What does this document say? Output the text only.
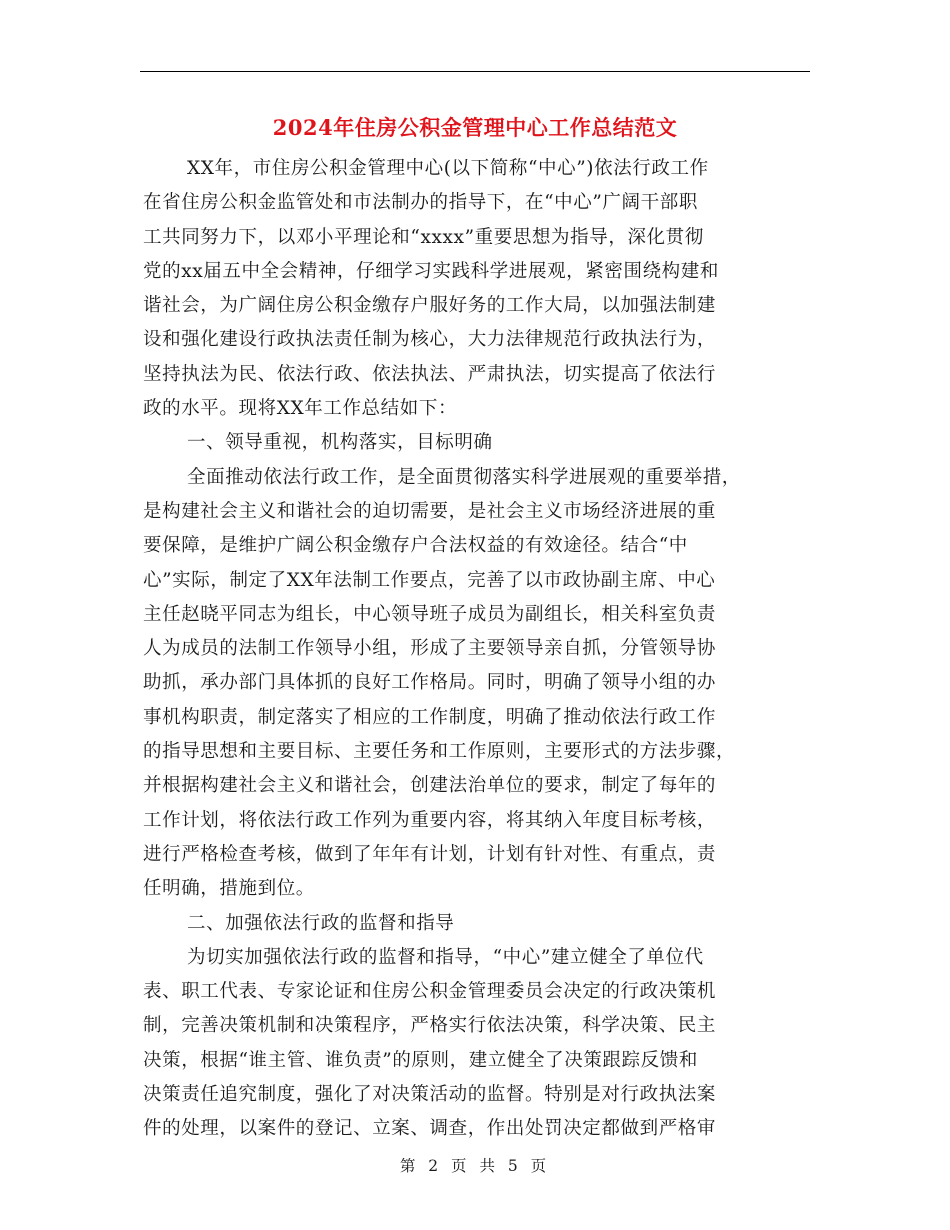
2024年住房公积金管理中心工作总结范文
XX年，市住房公积金管理中心(以下简称“中心”)依法行政工作
在省住房公积金监管处和市法制办的指导下，在“中心”广阔干部职
工共同努力下，以邓小平理论和“xxxx”重要思想为指导，深化贯彻
党的xx届五中全会精神，仔细学习实践科学进展观，紧密围绕构建和
谐社会，为广阔住房公积金缴存户服好务的工作大局，以加强法制建
设和强化建设行政执法责任制为核心，大力法律规范行政执法行为，
坚持执法为民、依法行政、依法执法、严肃执法，切实提高了依法行
政的水平。现将XX年工作总结如下：
一、领导重视，机构落实，目标明确
全面推动依法行政工作，是全面贯彻落实科学进展观的重要举措，
是构建社会主义和谐社会的迫切需要，是社会主义市场经济进展的重
要保障，是维护广阔公积金缴存户合法权益的有效途径。结合“中
心”实际，制定了XX年法制工作要点，完善了以市政协副主席、中心
主任赵晓平同志为组长，中心领导班子成员为副组长，相关科室负责
人为成员的法制工作领导小组，形成了主要领导亲自抓，分管领导协
助抓，承办部门具体抓的良好工作格局。同时，明确了领导小组的办
事机构职责，制定落实了相应的工作制度，明确了推动依法行政工作
的指导思想和主要目标、主要任务和工作原则，主要形式的方法步骤，
并根据构建社会主义和谐社会，创建法治单位的要求，制定了每年的
工作计划，将依法行政工作列为重要内容，将其纳入年度目标考核，
进行严格检查考核，做到了年年有计划，计划有针对性、有重点，责
任明确，措施到位。
二、加强依法行政的监督和指导
为切实加强依法行政的监督和指导，“中心”建立健全了单位代
表、职工代表、专家论证和住房公积金管理委员会决定的行政决策机
制，完善决策机制和决策程序，严格实行依法决策，科学决策、民主
决策，根据“谁主管、谁负责”的原则，建立健全了决策跟踪反馈和
决策责任追究制度，强化了对决策活动的监督。特别是对行政执法案
件的处理，以案件的登记、立案、调查，作出处罚决定都做到严格审
第 2 页 共 5 页
